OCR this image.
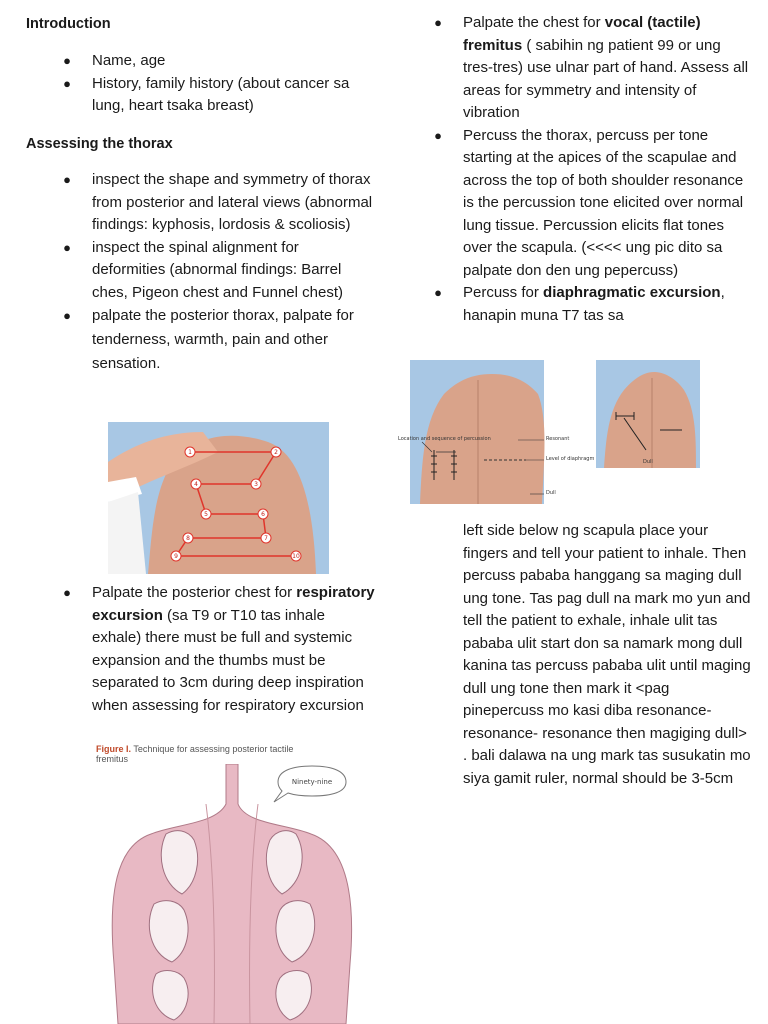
Introduction

● Name, age
● History, family history (about cancer sa lung, heart tsaka breast)

Assessing the thorax

● inspect the shape and symmetry of thorax from posterior and lateral views (abnormal findings: kyphosis, lordosis & scoliosis)
● inspect the spinal alignment for deformities (abnormal findings: Barrel ches, Pigeon chest and Funnel chest)
● palpate the posterior thorax, palpate for tenderness, warmth, pain and other sensation.
1	2
3
4
5	6
7
8
9	10
● Palpate the posterior chest for respiratory excursion (sa T9 or T10 tas inhale exhale) there must be full and systemic expansion and the thumbs must be separated to 3cm during deep inspiration when assessing for respiratory excursion
Figure I. Technique for assessing posterior tactile fremitus
Ninety-nine
● Palpate the chest for vocal (tactile) fremitus ( sabihin ng patient 99 or ung tres-tres) use ulnar part of hand. Assess all areas for symmetry and intensity of vibration
● Percuss the thorax, percuss per tone starting at the apices of the scapulae and across the top of both shoulder resonance is the percussion tone elicited over normal lung tissue. Percussion elicits flat tones over the scapula. (<<<< ung pic dito sa palpate don den ung pepercuss)
● Percuss for diaphragmatic excursion, hanapin muna T7 tas sa
Location and sequence of percussion	Resonant
Level of diaphragm
Dull
Dull

left side below ng scapula place your fingers and tell your patient to inhale. Then percuss pababa hanggang sa maging dull ung tone. Tas pag dull na mark mo yun and tell the patient to exhale, inhale ulit tas pababa ulit start don sa namark mong dull kanina tas percuss pababa ulit until maging dull ung tone then mark it <pag pinepercuss mo kasi diba resonance- resonance- resonance then magiging dull> . bali dalawa na ung mark tas susukatin mo siya gamit ruler, normal should be 3-5cm
